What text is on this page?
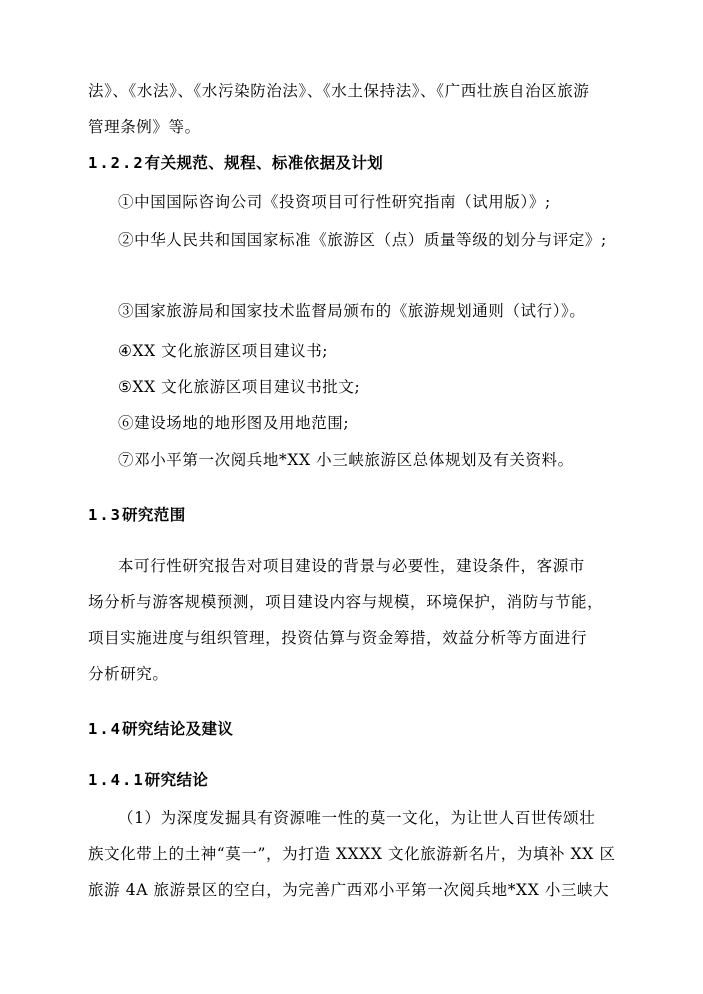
法》、《水法》、《水污染防治法》、《水土保持法》、《广西壮族自治区旅游
管理条例》等。
1.2.2有关规范、规程、标准依据及计划
①中国国际咨询公司《投资项目可行性研究指南（试用版）》;
②中华人民共和国国家标准《旅游区（点）质量等级的划分与评定》;
③国家旅游局和国家技术监督局颁布的《旅游规划通则（试行）》。
④XX 文化旅游区项目建议书;
⑤XX 文化旅游区项目建议书批文;
⑥建设场地的地形图及用地范围;
⑦邓小平第一次阅兵地*XX 小三峡旅游区总体规划及有关资料。
1.3研究范围
本可行性研究报告对项目建设的背景与必要性，建设条件，客源市
场分析与游客规模预测，项目建设内容与规模，环境保护，消防与节能，
项目实施进度与组织管理，投资估算与资金筹措，效益分析等方面进行
分析研究。
1.4研究结论及建议
1.4.1研究结论
（1）为深度发掘具有资源唯一性的莫一文化，为让世人百世传颂壮
族文化带上的土神“莫一”，为打造 XXXX 文化旅游新名片，为填补 XX 区
旅游 4A 旅游景区的空白，为完善广西邓小平第一次阅兵地*XX 小三峡大
